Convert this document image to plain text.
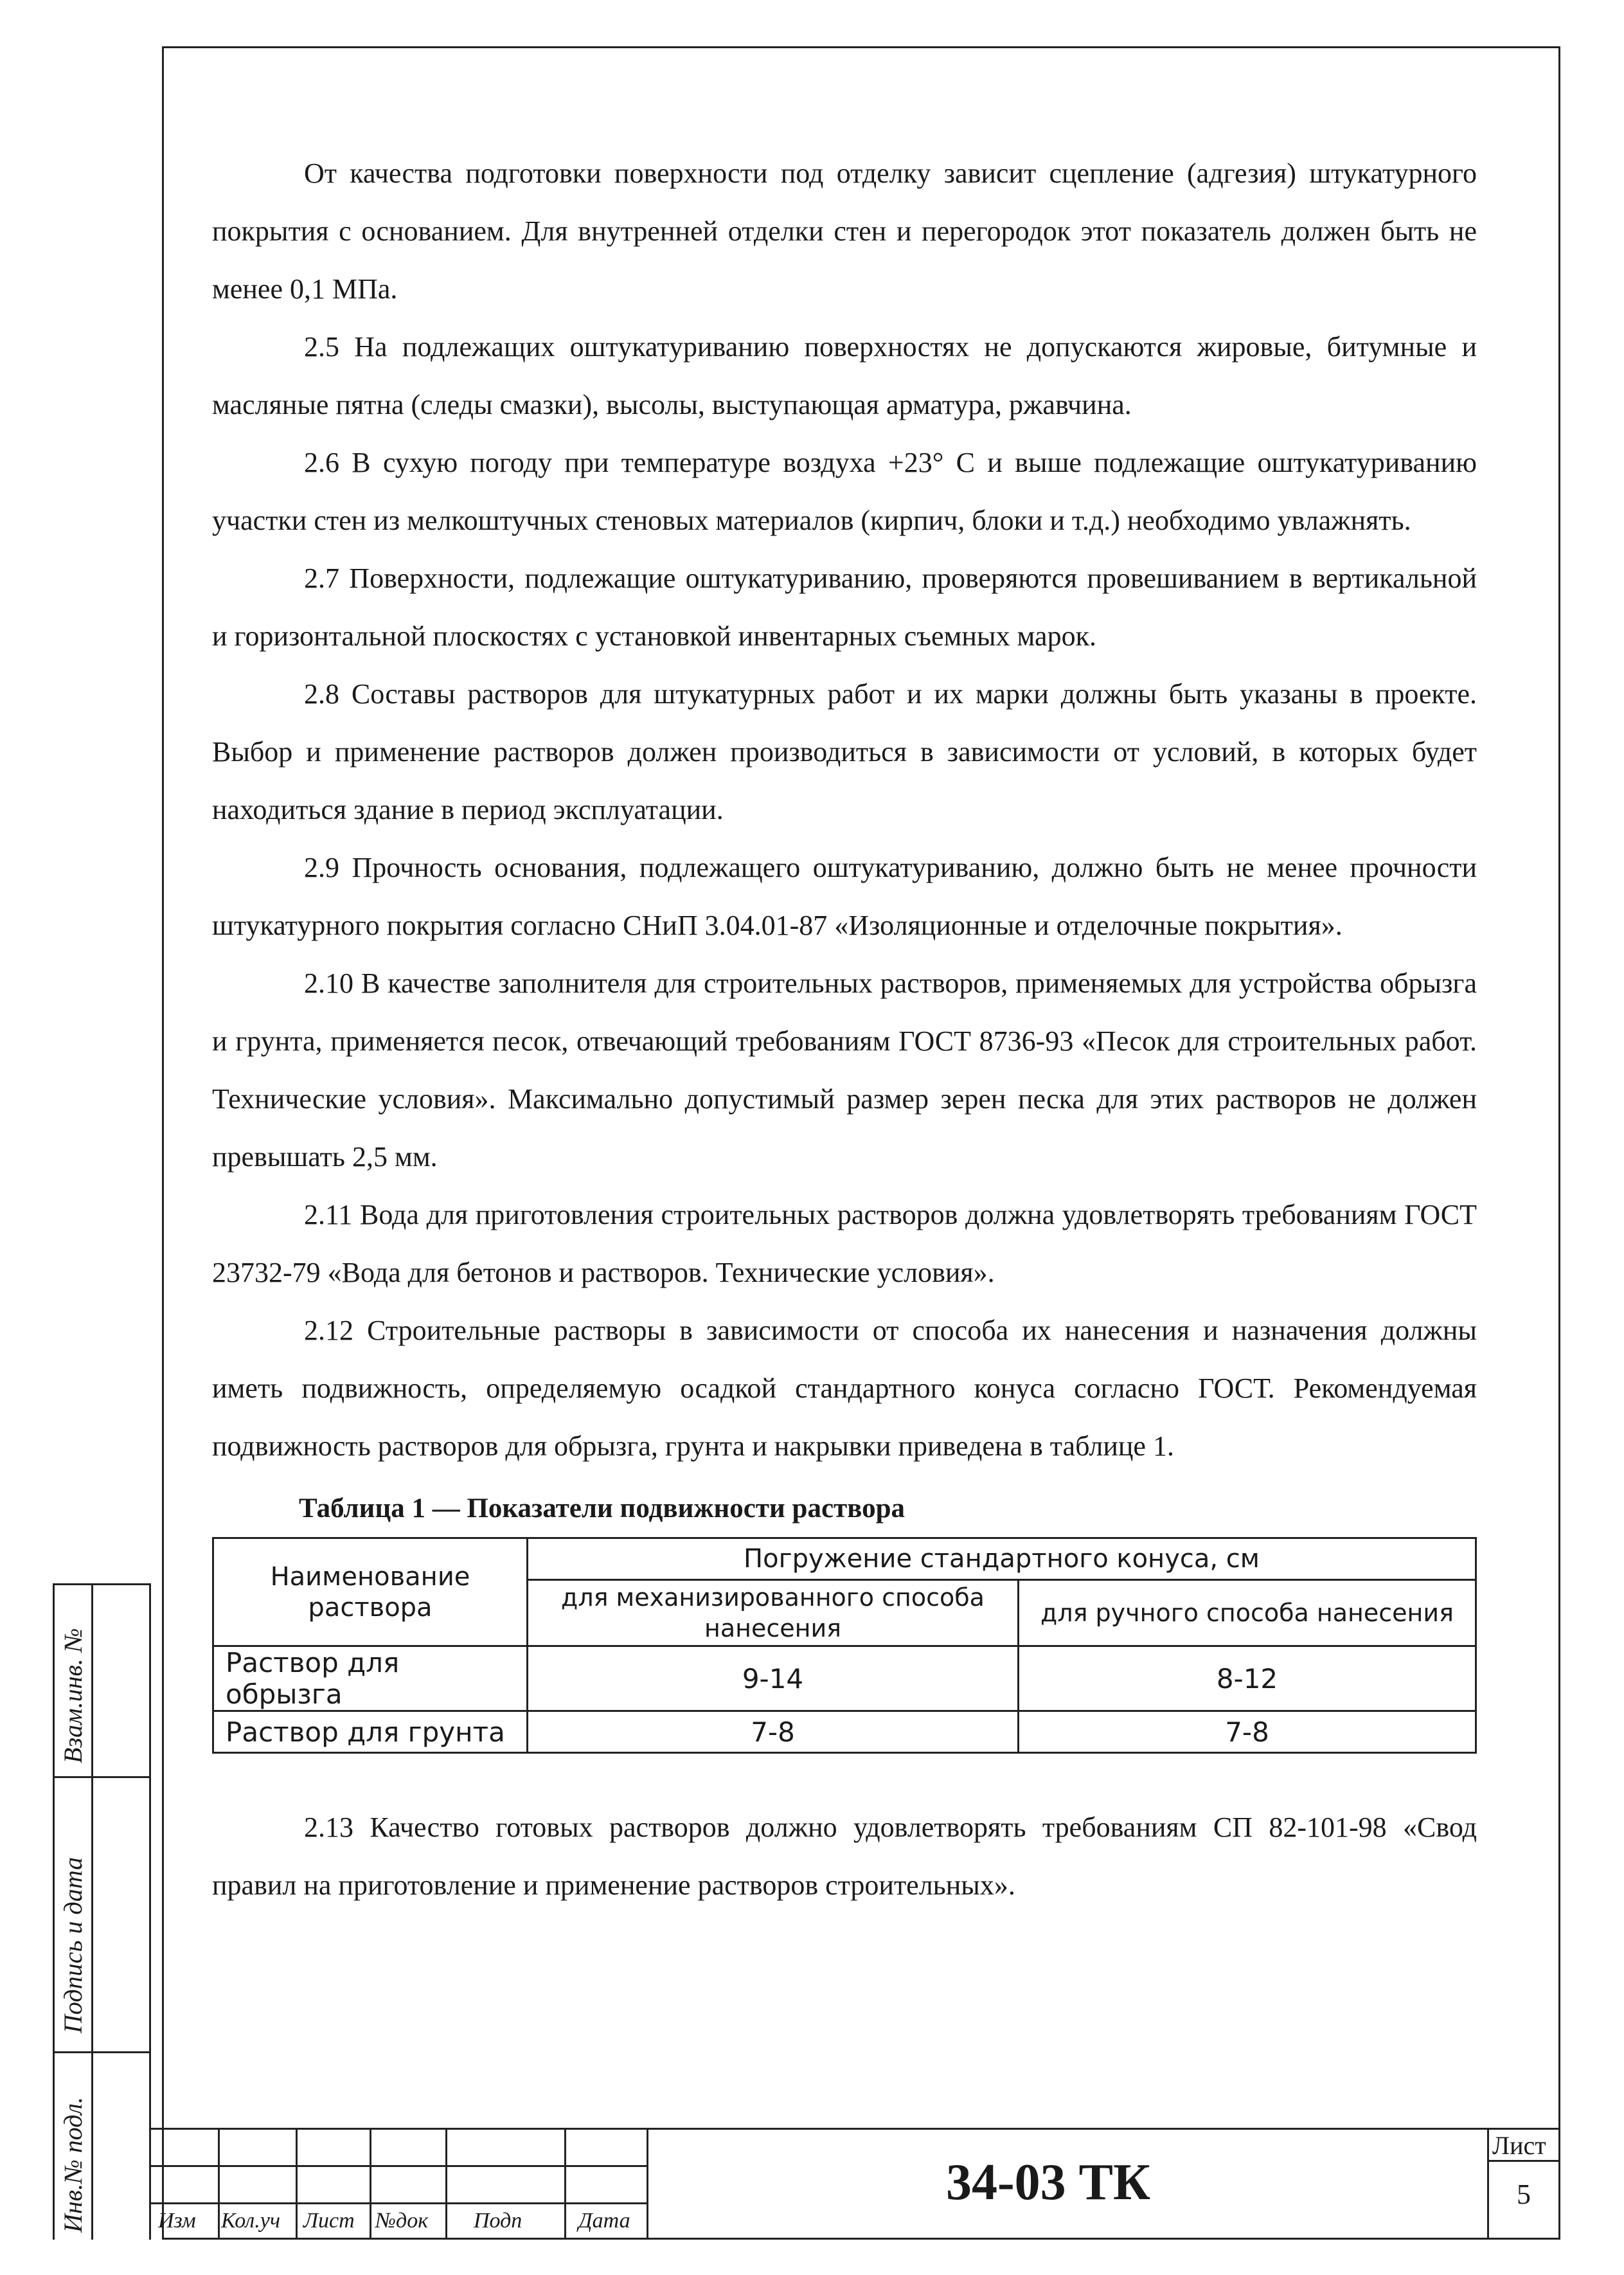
От качества подготовки поверхности под отделку зависит сцепление (адгезия) штукатурного покрытия с основанием. Для внутренней отделки стен и перегородок этот показатель должен быть не менее 0,1 МПа.

2.5 На подлежащих оштукатуриванию поверхностях не допускаются жировые, битумные и масляные пятна (следы смазки), высолы, выступающая арматура, ржавчина.

2.6 В сухую погоду при температуре воздуха +23° С и выше подлежащие оштукатуриванию участки стен из мелкоштучных стеновых материалов (кирпич, блоки и т.д.) необходимо увлажнять.

2.7 Поверхности, подлежащие оштукатуриванию, проверяются провешиванием в вертикальной и горизонтальной плоскостях с установкой инвентарных съемных марок.

2.8 Составы растворов для штукатурных работ и их марки должны быть указаны в проекте. Выбор и применение растворов должен производиться в зависимости от условий, в которых будет находиться здание в период эксплуатации.

2.9 Прочность основания, подлежащего оштукатуриванию, должно быть не менее прочности штукатурного покрытия согласно СНиП 3.04.01-87 «Изоляционные и отделочные покрытия».

2.10 В качестве заполнителя для строительных растворов, применяемых для устройства обрызга и грунта, применяется песок, отвечающий требованиям ГОСТ 8736-93 «Песок для строительных работ. Технические условия». Максимально допустимый размер зерен песка для этих растворов не должен превышать 2,5 мм.

2.11 Вода для приготовления строительных растворов должна удовлетворять требованиям ГОСТ 23732-79 «Вода для бетонов и растворов. Технические условия».

2.12 Строительные растворы в зависимости от способа их нанесения и назначения должны иметь подвижность, определяемую осадкой стандартного конуса согласно ГОСТ. Рекомендуемая подвижность растворов для обрызга, грунта и накрывки приведена в таблице 1.

Таблица 1 — Показатели подвижности раствора
Наименование раствора	Погружение стандартного конуса, см	
	для механизированного способа нанесения	для ручного способа нанесения
Раствор для обрызга	9-14	8-12
Раствор для грунта	7-8	7-8

2.13 Качество готовых растворов должно удовлетворять требованиям СП 82-101-98 «Свод правил на приготовление и применение растворов строительных».

Взам.инв. №
Подпись и дата
Инв.№ подл.	Изм Кол.уч Лист №док Подп	Дата
34-03 ТК
Лист
5
